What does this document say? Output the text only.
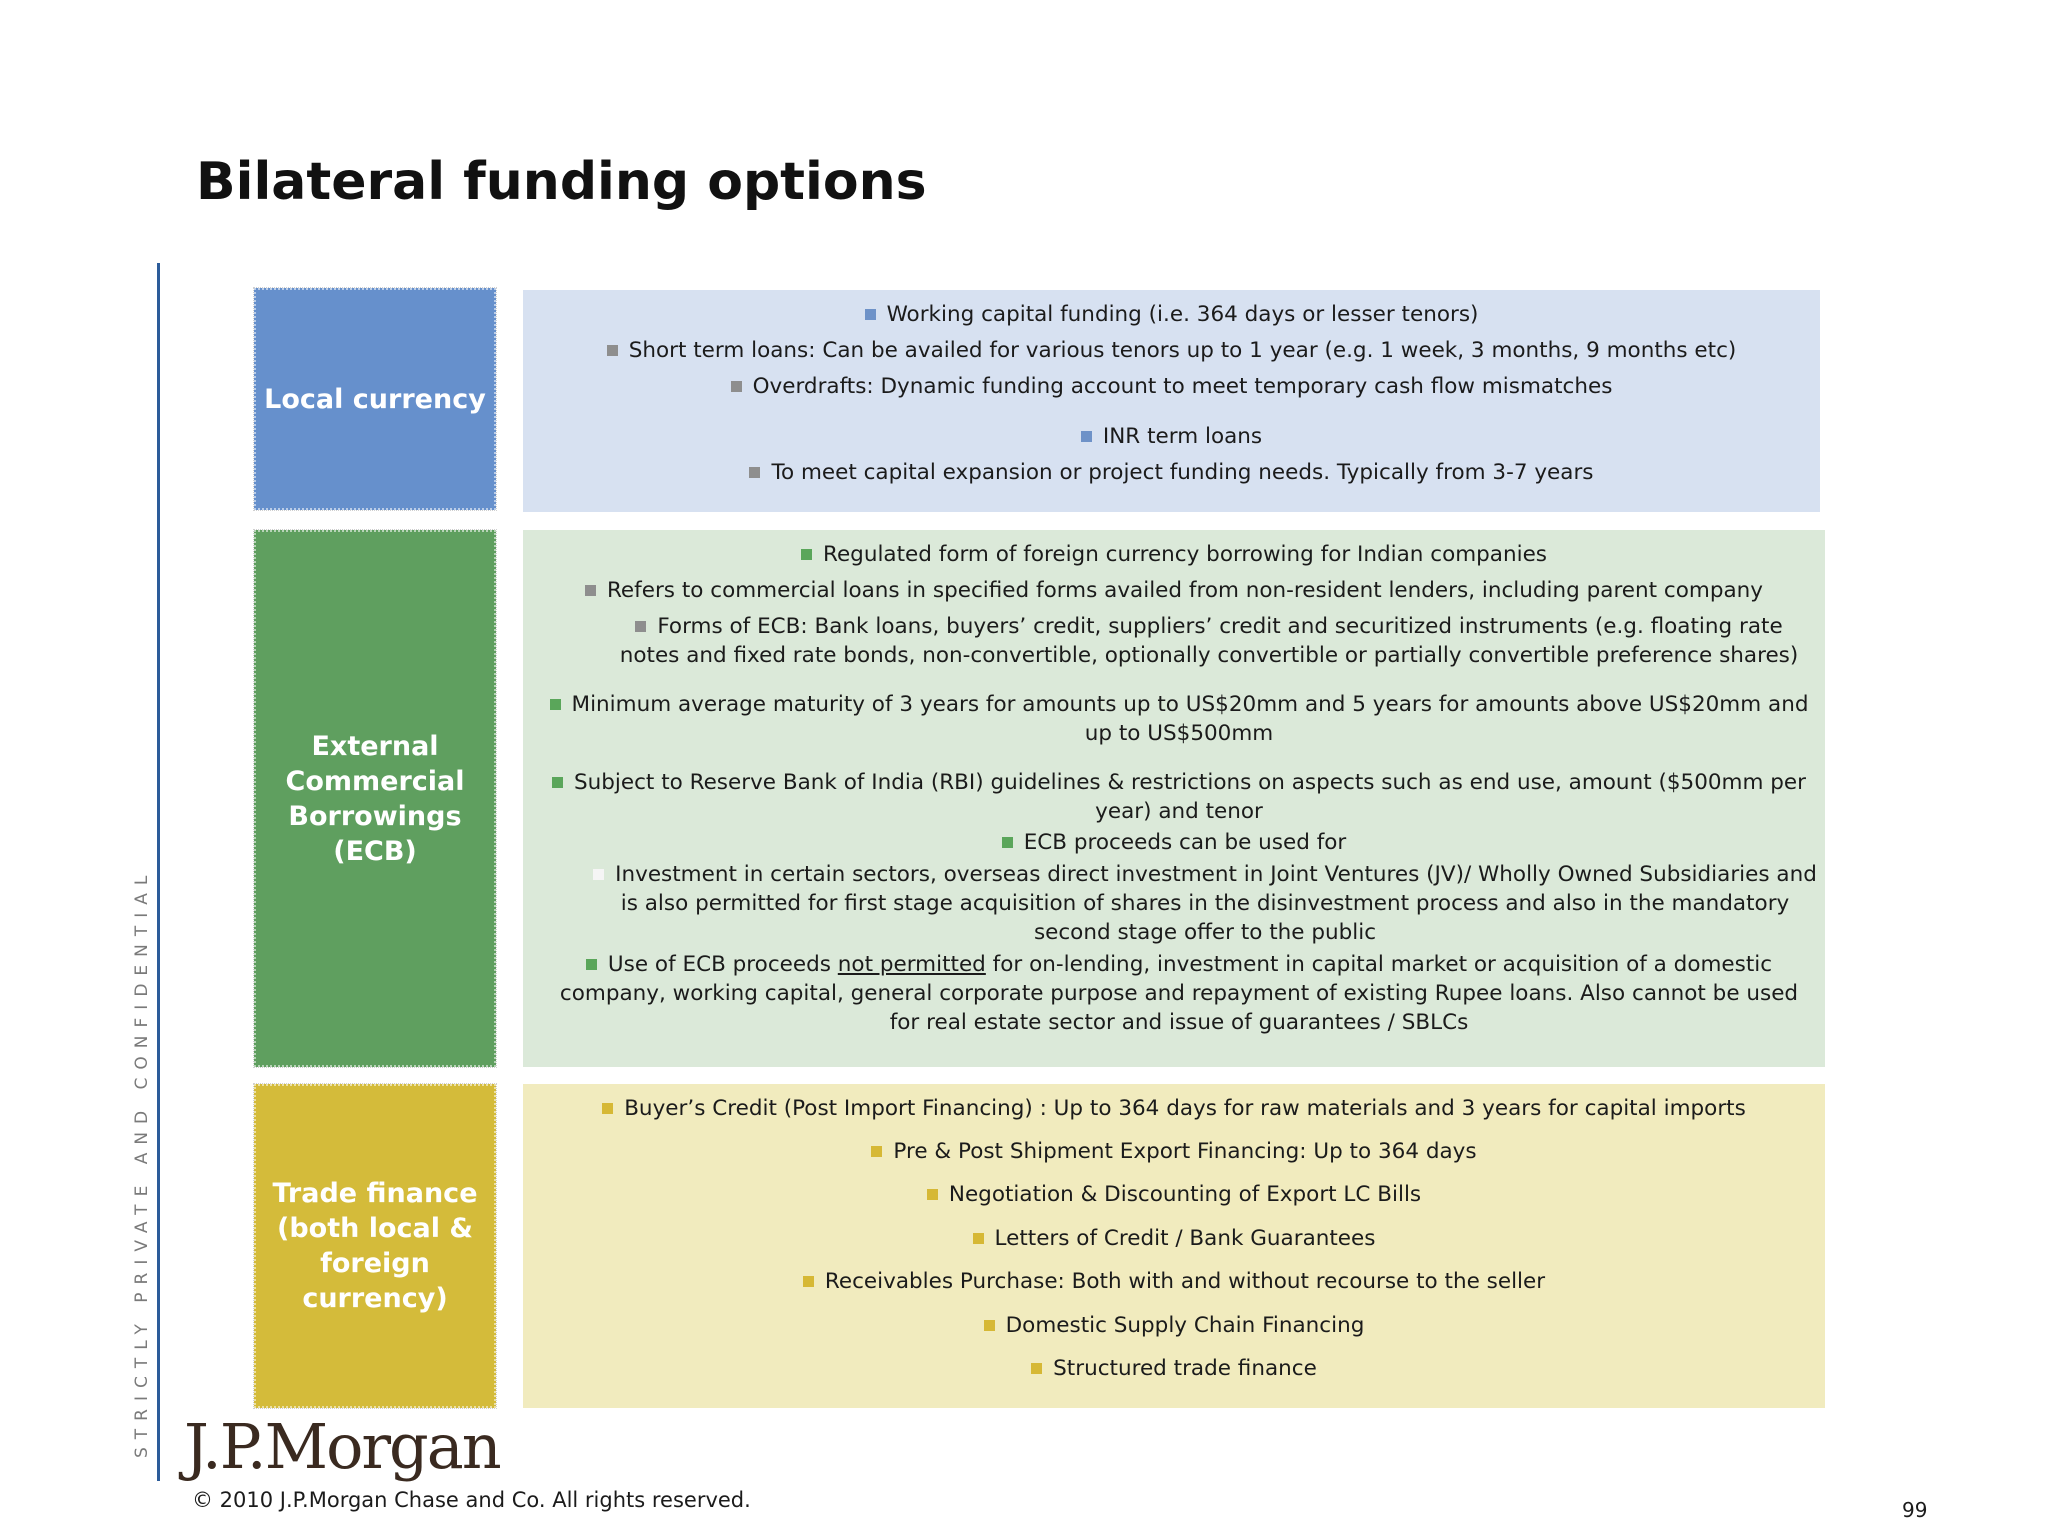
Bilateral funding options

STRICTLY PRIVATE AND CONFIDENTIAL

Local currency
Working capital funding (i.e. 364 days or lesser tenors)
Short term loans: Can be availed for various tenors up to 1 year (e.g. 1 week, 3 months, 9 months etc)
Overdrafts: Dynamic funding account to meet temporary cash flow mismatches
INR term loans
To meet capital expansion or project funding needs. Typically from 3-7 years
External
Commercial
Borrowings
(ECB)
Regulated form of foreign currency borrowing for Indian companies
Refers to commercial loans in specified forms availed from non-resident lenders, including parent company
Forms of ECB: Bank loans, buyers’ credit, suppliers’ credit and securitized instruments (e.g. floating rate notes and fixed rate bonds, non-convertible, optionally convertible or partially convertible preference shares)
Minimum average maturity of 3 years for amounts up to US$20mm and 5 years for amounts above US$20mm and up to US$500mm
Subject to Reserve Bank of India (RBI) guidelines & restrictions on aspects such as end use, amount ($500mm per year) and tenor
ECB proceeds can be used for
Investment in certain sectors, overseas direct investment in Joint Ventures (JV)/ Wholly Owned Subsidiaries and is also permitted for first stage acquisition of shares in the disinvestment process and also in the mandatory second stage offer to the public
Use of ECB proceeds not permitted for on-lending, investment in capital market or acquisition of a domestic company, working capital, general corporate purpose and repayment of existing Rupee loans. Also cannot be used for real estate sector and issue of guarantees / SBLCs
Trade finance
(both local &
foreign
currency)
Buyer’s Credit (Post Import Financing) : Up to 364 days for raw materials and 3 years for capital imports
Pre & Post Shipment Export Financing: Up to 364 days
Negotiation & Discounting of Export LC Bills
Letters of Credit / Bank Guarantees
Receivables Purchase: Both with and without recourse to the seller
Domestic Supply Chain Financing
Structured trade finance
J.P.Morgan
© 2010 J.P.Morgan Chase and Co. All rights reserved.	99
